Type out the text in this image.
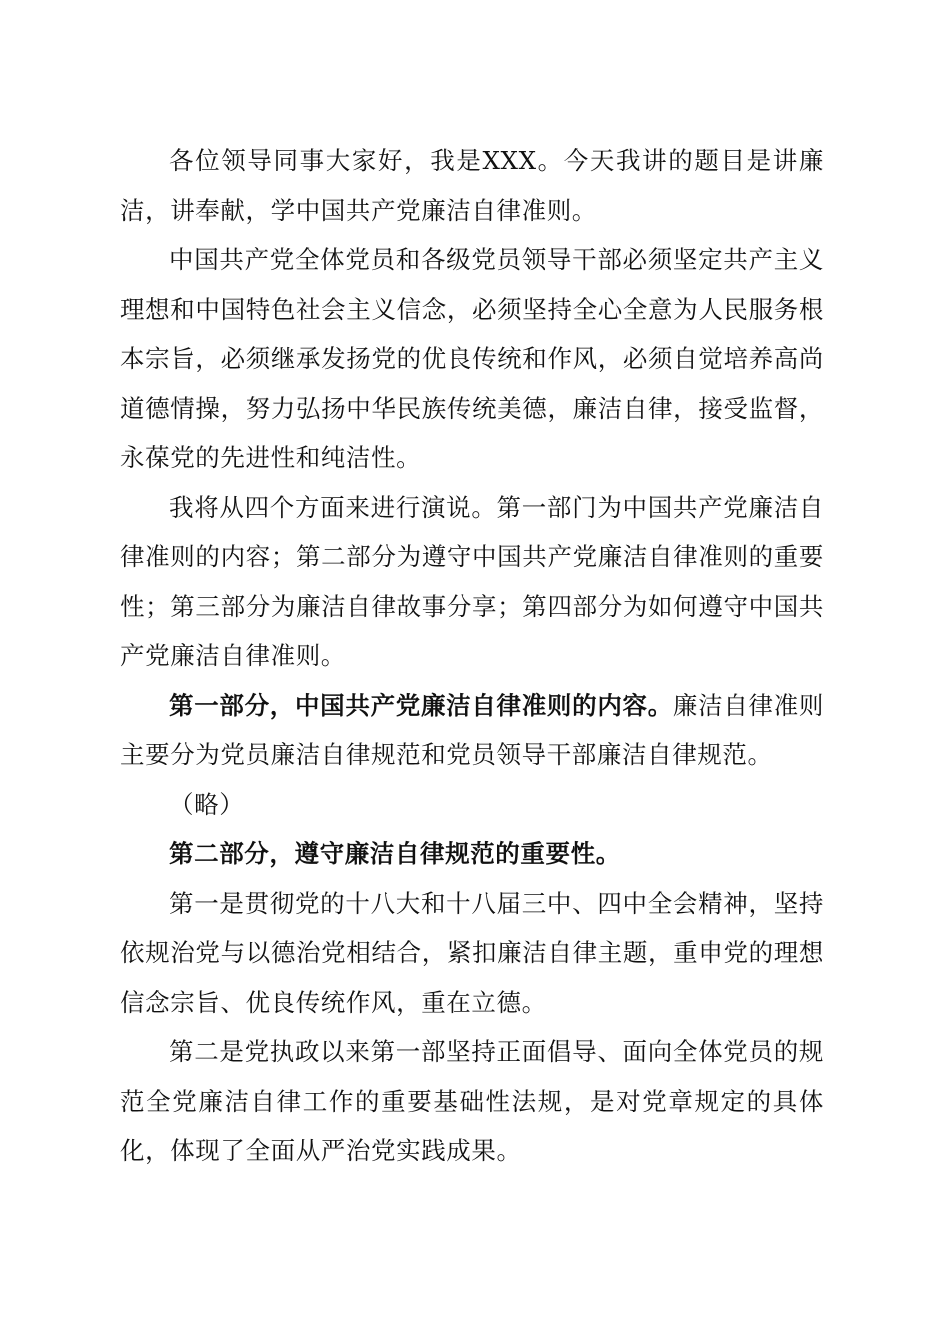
各位领导同事大家好，我是XXX。今天我讲的题目是讲廉洁，讲奉献，学中国共产党廉洁自律准则。

中国共产党全体党员和各级党员领导干部必须坚定共产主义理想和中国特色社会主义信念，必须坚持全心全意为人民服务根本宗旨，必须继承发扬党的优良传统和作风，必须自觉培养高尚道德情操，努力弘扬中华民族传统美德，廉洁自律，接受监督，永葆党的先进性和纯洁性。

我将从四个方面来进行演说。第一部门为中国共产党廉洁自律准则的内容；第二部分为遵守中国共产党廉洁自律准则的重要性；第三部分为廉洁自律故事分享；第四部分为如何遵守中国共产党廉洁自律准则。

第一部分，中国共产党廉洁自律准则的内容。廉洁自律准则主要分为党员廉洁自律规范和党员领导干部廉洁自律规范。

（略）

第二部分，遵守廉洁自律规范的重要性。

第一是贯彻党的十八大和十八届三中、四中全会精神，坚持依规治党与以德治党相结合，紧扣廉洁自律主题，重申党的理想信念宗旨、优良传统作风，重在立德。

第二是党执政以来第一部坚持正面倡导、面向全体党员的规范全党廉洁自律工作的重要基础性法规，是对党章规定的具体化，体现了全面从严治党实践成果。
